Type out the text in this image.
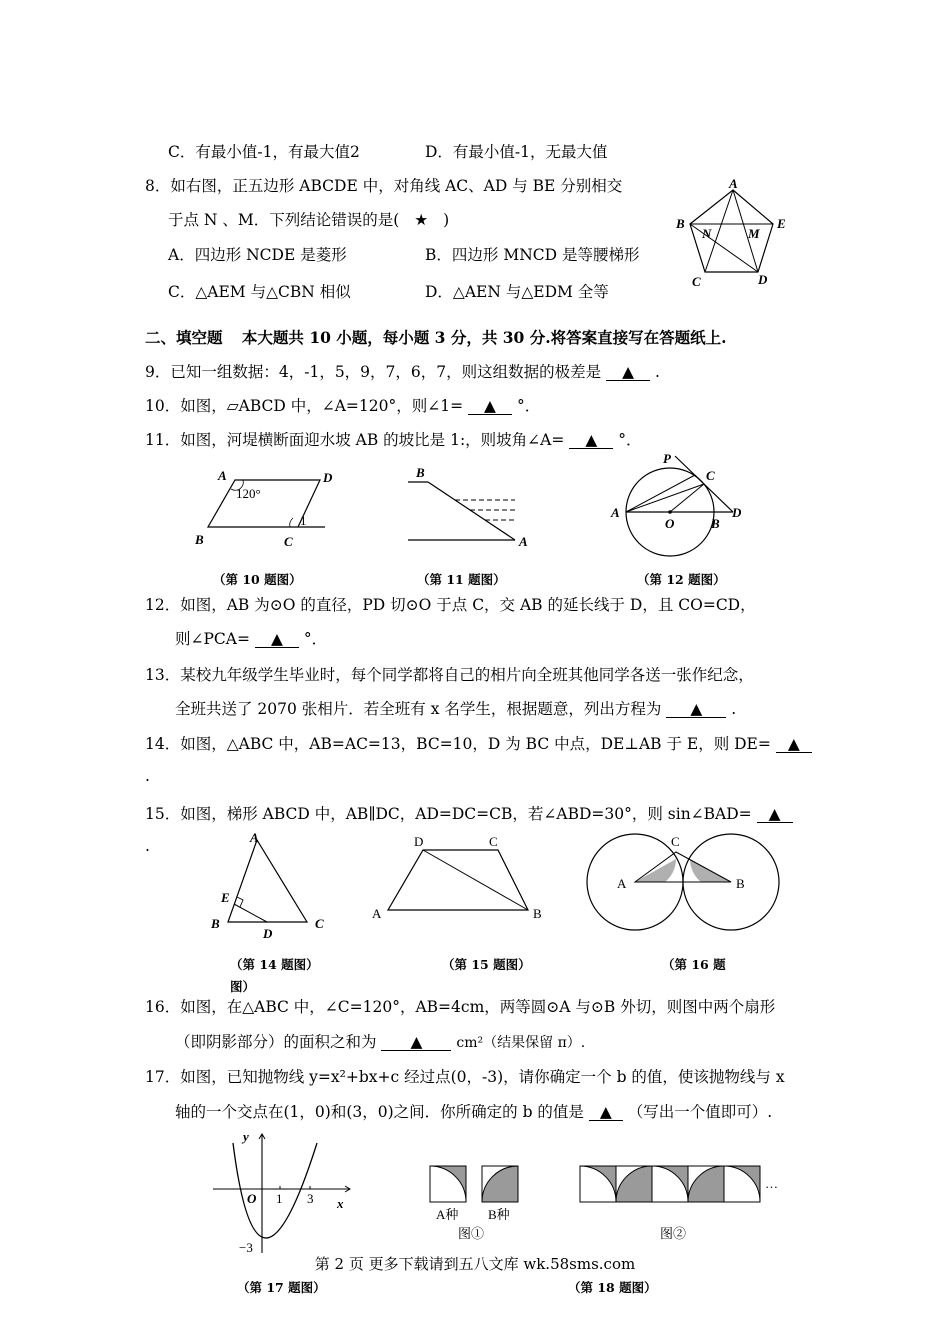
C．有最小值-1，有最大值2	D．有最小值-1，无最大值
8．如右图，正五边形 ABCDE 中，对角线 AC、AD 与 BE 分别相交
于点 N 、M．下列结论错误的是( ★ )
A．四边形 NCDE 是菱形	B．四边形 MNCD 是等腰梯形
C．△AEM 与△CBN 相似	D．△AEN 与△EDM 全等
A
B	E
N	M
C	D
二、填空题 本大题共 10 小题，每小题 3 分，共 30 分.将答案直接写在答题纸上.
9．已知一组数据：4，-1，5，9，7，6，7，则这组数据的极差是 ▲ .
10．如图，▱ABCD 中，∠A=120°，则∠1= ▲ °．
11．如图，河堤横断面迎水坡 AB 的坡比是 1:，则坡角∠A= ▲ °．
A	D
B	C
120°
1
（第 10 题图）
B
A
（第 11 题图）
P
C
A
O	B
D
（第 12 题图）
12．如图，AB 为⊙O 的直径，PD 切⊙O 于点 C，交 AB 的延长线于 D，且 CO=CD，
则∠PCA= ▲ °．
13．某校九年级学生毕业时，每个同学都将自己的相片向全班其他同学各送一张作纪念，
全班共送了 2070 张相片．若全班有 x 名学生，根据题意，列出方程为 ▲ .
14．如图，△ABC 中，AB=AC=13，BC=10，D 为 BC 中点，DE⊥AB 于 E，则 DE= ▲
.
15．如图，梯形 ABCD 中，AB∥DC，AD=DC=CB，若∠ABD=30°，则 sin∠BAD= ▲
.	A
E
B
D
C
（第 14 题图）
图）
D	C
A	B
（第 15 题图）
C
A	B
（第 16 题
16．如图，在△ABC 中，∠C=120°，AB=4cm，两等圆⊙A 与⊙B 外切，则图中两个扇形
（即阴影部分）的面积之和为 ▲ cm²（结果保留 π）.
17．如图，已知抛物线 y=x²+bx+c 经过点(0，-3)，请你确定一个 b 的值，使该抛物线与 x
轴的一个交点在(1，0)和(3，0)之间．你所确定的 b 的值是 ▲ （写出一个值即可）.
y
x
O 1 3
−3
（第 17 题图）
A种 B种
图①
…
图②
（第 18 题图）
第 2 页 更多下载请到五八文库 wk.58sms.com
